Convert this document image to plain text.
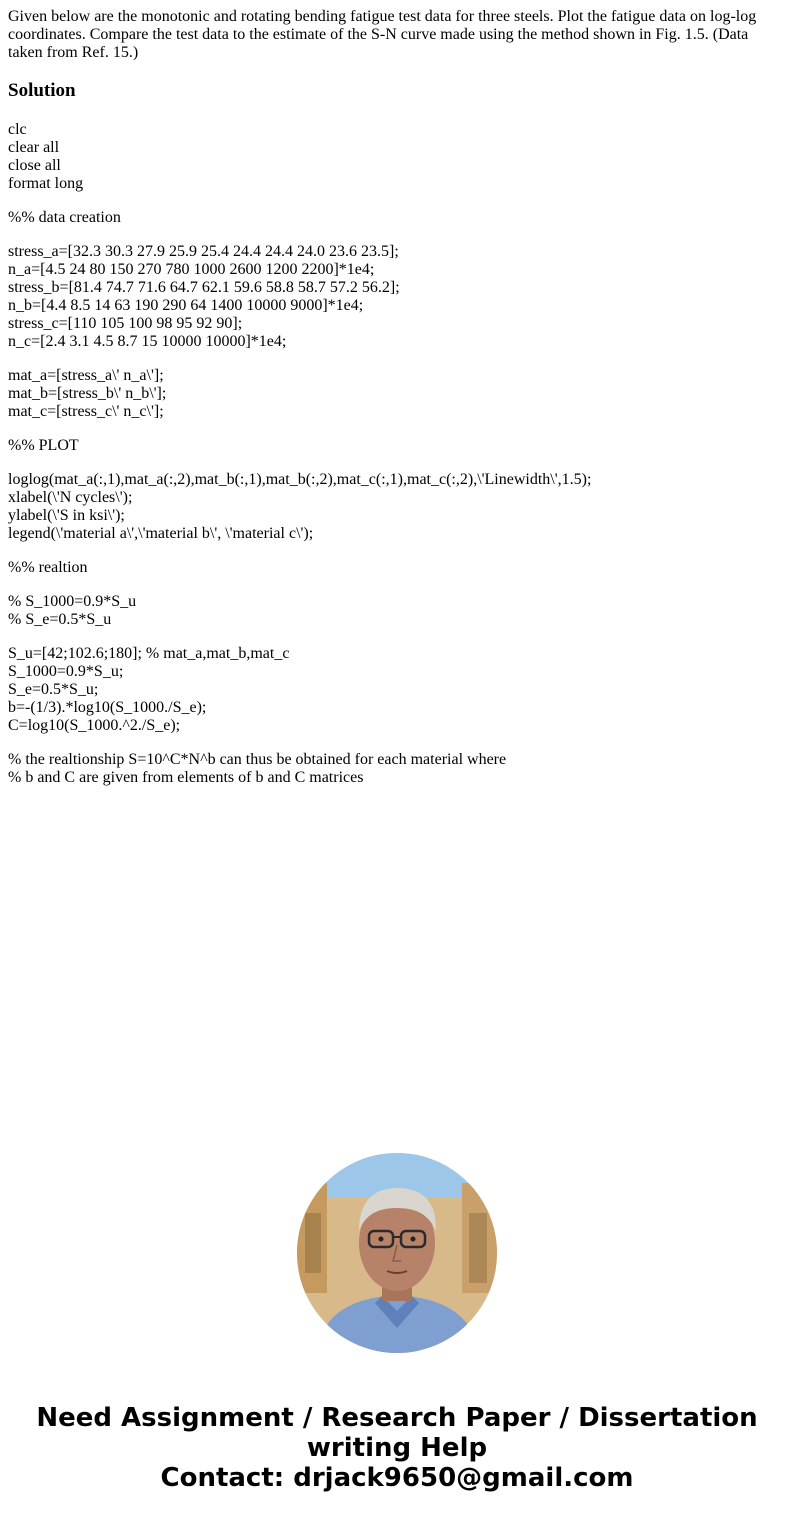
Given below are the monotonic and rotating bending fatigue test data for three steels. Plot the fatigue data on log-log coordinates. Compare the test data to the estimate of the S-N curve made using the method shown in Fig. 1.5. (Data taken from Ref. 15.)

Solution
clc
clear all
close all
format long
%% data creation
stress_a=[32.3 30.3 27.9 25.9 25.4 24.4 24.4 24.0 23.6 23.5];
n_a=[4.5 24 80 150 270 780 1000 2600 1200 2200]*1e4;
stress_b=[81.4 74.7 71.6 64.7 62.1 59.6 58.8 58.7 57.2 56.2];
n_b=[4.4 8.5 14 63 190 290 64 1400 10000 9000]*1e4;
stress_c=[110 105 100 98 95 92 90];
n_c=[2.4 3.1 4.5 8.7 15 10000 10000]*1e4;
mat_a=[stress_a\' n_a\'];
mat_b=[stress_b\' n_b\'];
mat_c=[stress_c\' n_c\'];
%% PLOT
loglog(mat_a(:,1),mat_a(:,2),mat_b(:,1),mat_b(:,2),mat_c(:,1),mat_c(:,2),\'Linewidth\',1.5);
xlabel(\'N cycles\');
ylabel(\'S in ksi\');
legend(\'material a\',\'material b\', \'material c\');
%% realtion
% S_1000=0.9*S_u
% S_e=0.5*S_u
S_u=[42;102.6;180]; % mat_a,mat_b,mat_c
S_1000=0.9*S_u;
S_e=0.5*S_u;
b=-(1/3).*log10(S_1000./S_e);
C=log10(S_1000.^2./S_e);
% the realtionship S=10^C*N^b can thus be obtained for each material where
% b and C are given from elements of b and C matrices

Need Assignment / Research Paper / Dissertation
writing Help
Contact: drjack9650@gmail.com
